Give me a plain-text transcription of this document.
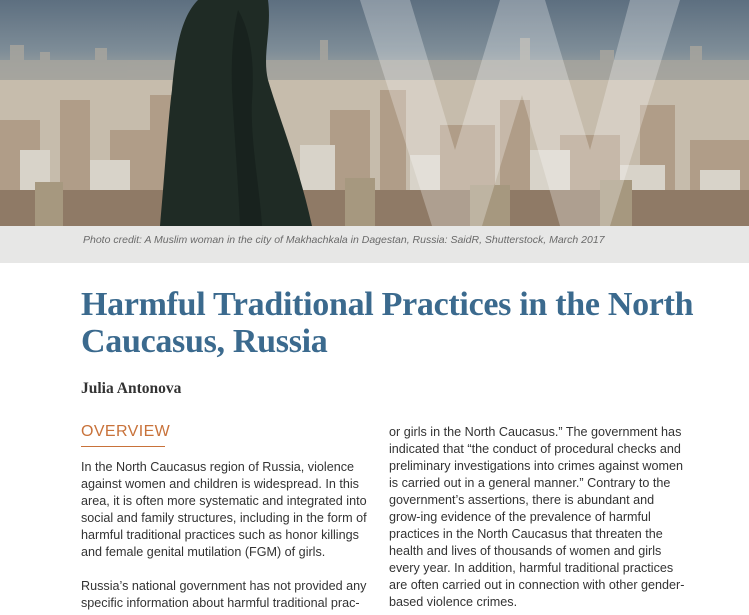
Photo credit: A Muslim woman in the city of Makhachkala in Dagestan, Russia: SaidR, Shutterstock, March 2017
Harmful Traditional Practices in the North
Caucasus, Russia

Julia Antonova

OVERVIEW

In the North Caucasus region of Russia, violence against women and children is widespread. In this area, it is often more systematic and integrated into social and family structures, including in the form of harmful traditional practices such as honor killings and female genital mutilation (FGM) of girls.

Russia’s national government has not provided any specific information about harmful traditional prac-

or girls in the North Caucasus.” The government has indicated that “the conduct of procedural checks and preliminary investigations into crimes against women is carried out in a general manner.” Contrary to the government’s assertions, there is abundant and grow-ing evidence of the prevalence of harmful practices in the North Caucasus that threaten the health and lives of thousands of women and girls every year. In addition, harmful traditional practices are often carried out in connection with other gender-based violence crimes.
